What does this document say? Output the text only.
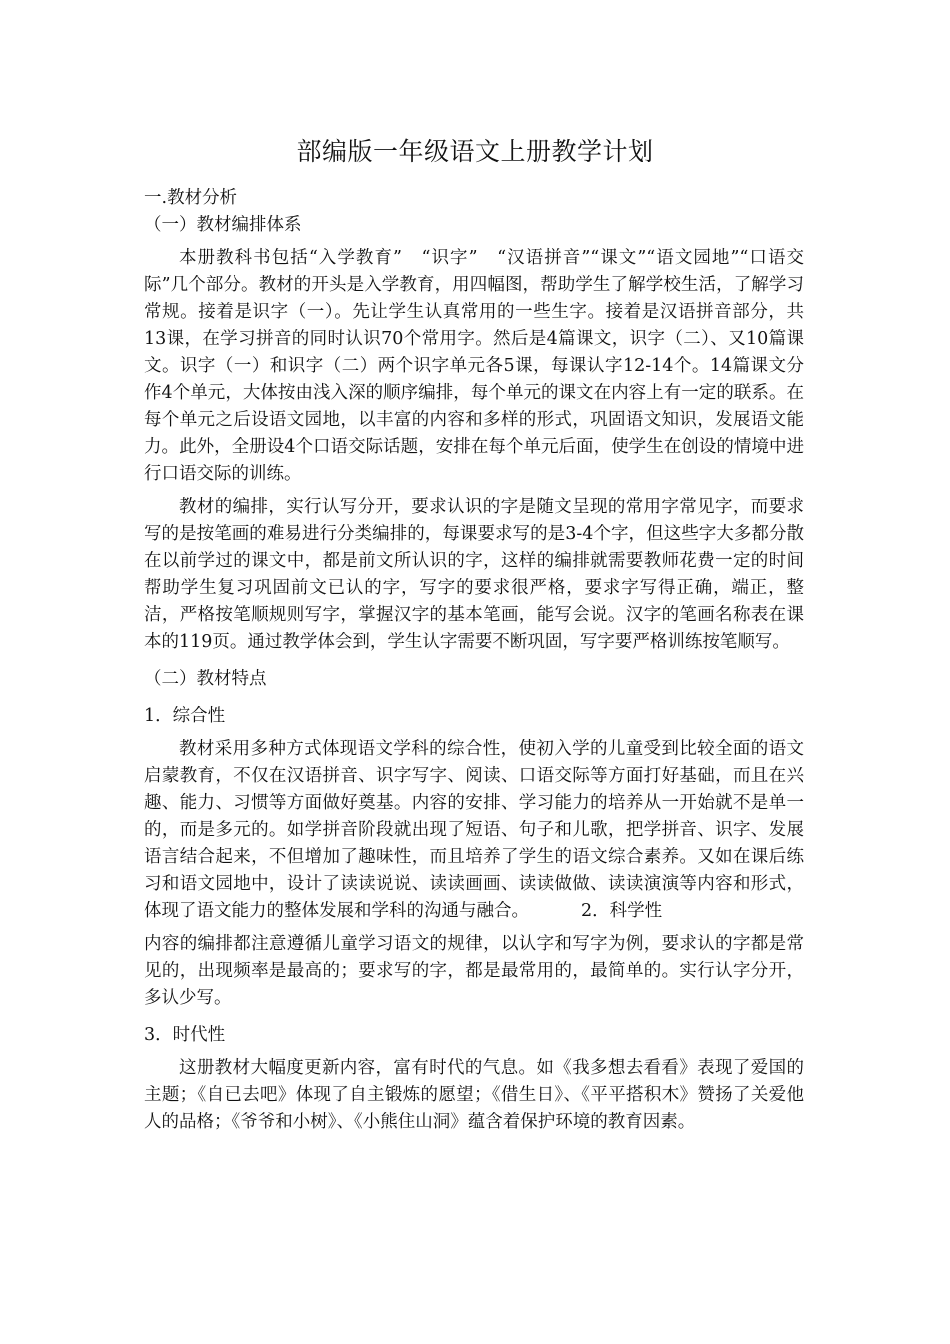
部编版一年级语文上册教学计划

一.教材分析

（一）教材编排体系

本册教科书包括“入学教育”　“识字”　“汉语拼音”“课文”“语文园地”“口语交际”几个部分。教材的开头是入学教育，用四幅图，帮助学生了解学校生活，了解学习常规。接着是识字（一）。先让学生认真常用的一些生字。接着是汉语拼音部分，共13课，在学习拼音的同时认识70个常用字。然后是4篇课文，识字（二）、又10篇课文。识字（一）和识字（二）两个识字单元各5课，每课认字12-14个。14篇课文分作4个单元，大体按由浅入深的顺序编排，每个单元的课文在内容上有一定的联系。在每个单元之后设语文园地，以丰富的内容和多样的形式，巩固语文知识，发展语文能力。此外，全册设4个口语交际话题，安排在每个单元后面，使学生在创设的情境中进行口语交际的训练。

教材的编排，实行认写分开，要求认识的字是随文呈现的常用字常见字，而要求写的是按笔画的难易进行分类编排的，每课要求写的是3-4个字，但这些字大多都分散在以前学过的课文中，都是前文所认识的字，这样的编排就需要教师花费一定的时间帮助学生复习巩固前文已认的字，写字的要求很严格，要求字写得正确，端正，整洁，严格按笔顺规则写字，掌握汉字的基本笔画，能写会说。汉字的笔画名称表在课本的119页。通过教学体会到，学生认字需要不断巩固，写字要严格训练按笔顺写。

（二）教材特点

1．综合性

教材采用多种方式体现语文学科的综合性，使初入学的儿童受到比较全面的语文启蒙教育，不仅在汉语拼音、识字写字、阅读、口语交际等方面打好基础，而且在兴趣、能力、习惯等方面做好奠基。内容的安排、学习能力的培养从一开始就不是单一的，而是多元的。如学拼音阶段就出现了短语、句子和儿歌，把学拼音、识字、发展语言结合起来，不但增加了趣味性，而且培养了学生的语文综合素养。又如在课后练习和语文园地中，设计了读读说说、读读画画、读读做做、读读演演等内容和形式，体现了语文能力的整体发展和学科的沟通与融合。	2．科学性

内容的编排都注意遵循儿童学习语文的规律，以认字和写字为例，要求认的字都是常见的，出现频率是最高的；要求写的字，都是最常用的，最简单的。实行认字分开，多认少写。

3．时代性

这册教材大幅度更新内容，富有时代的气息。如《我多想去看看》表现了爱国的主题；《自已去吧》体现了自主锻炼的愿望；《借生日》、《平平搭积木》赞扬了关爱他人的品格；《爷爷和小树》、《小熊住山洞》蕴含着保护环境的教育因素。
